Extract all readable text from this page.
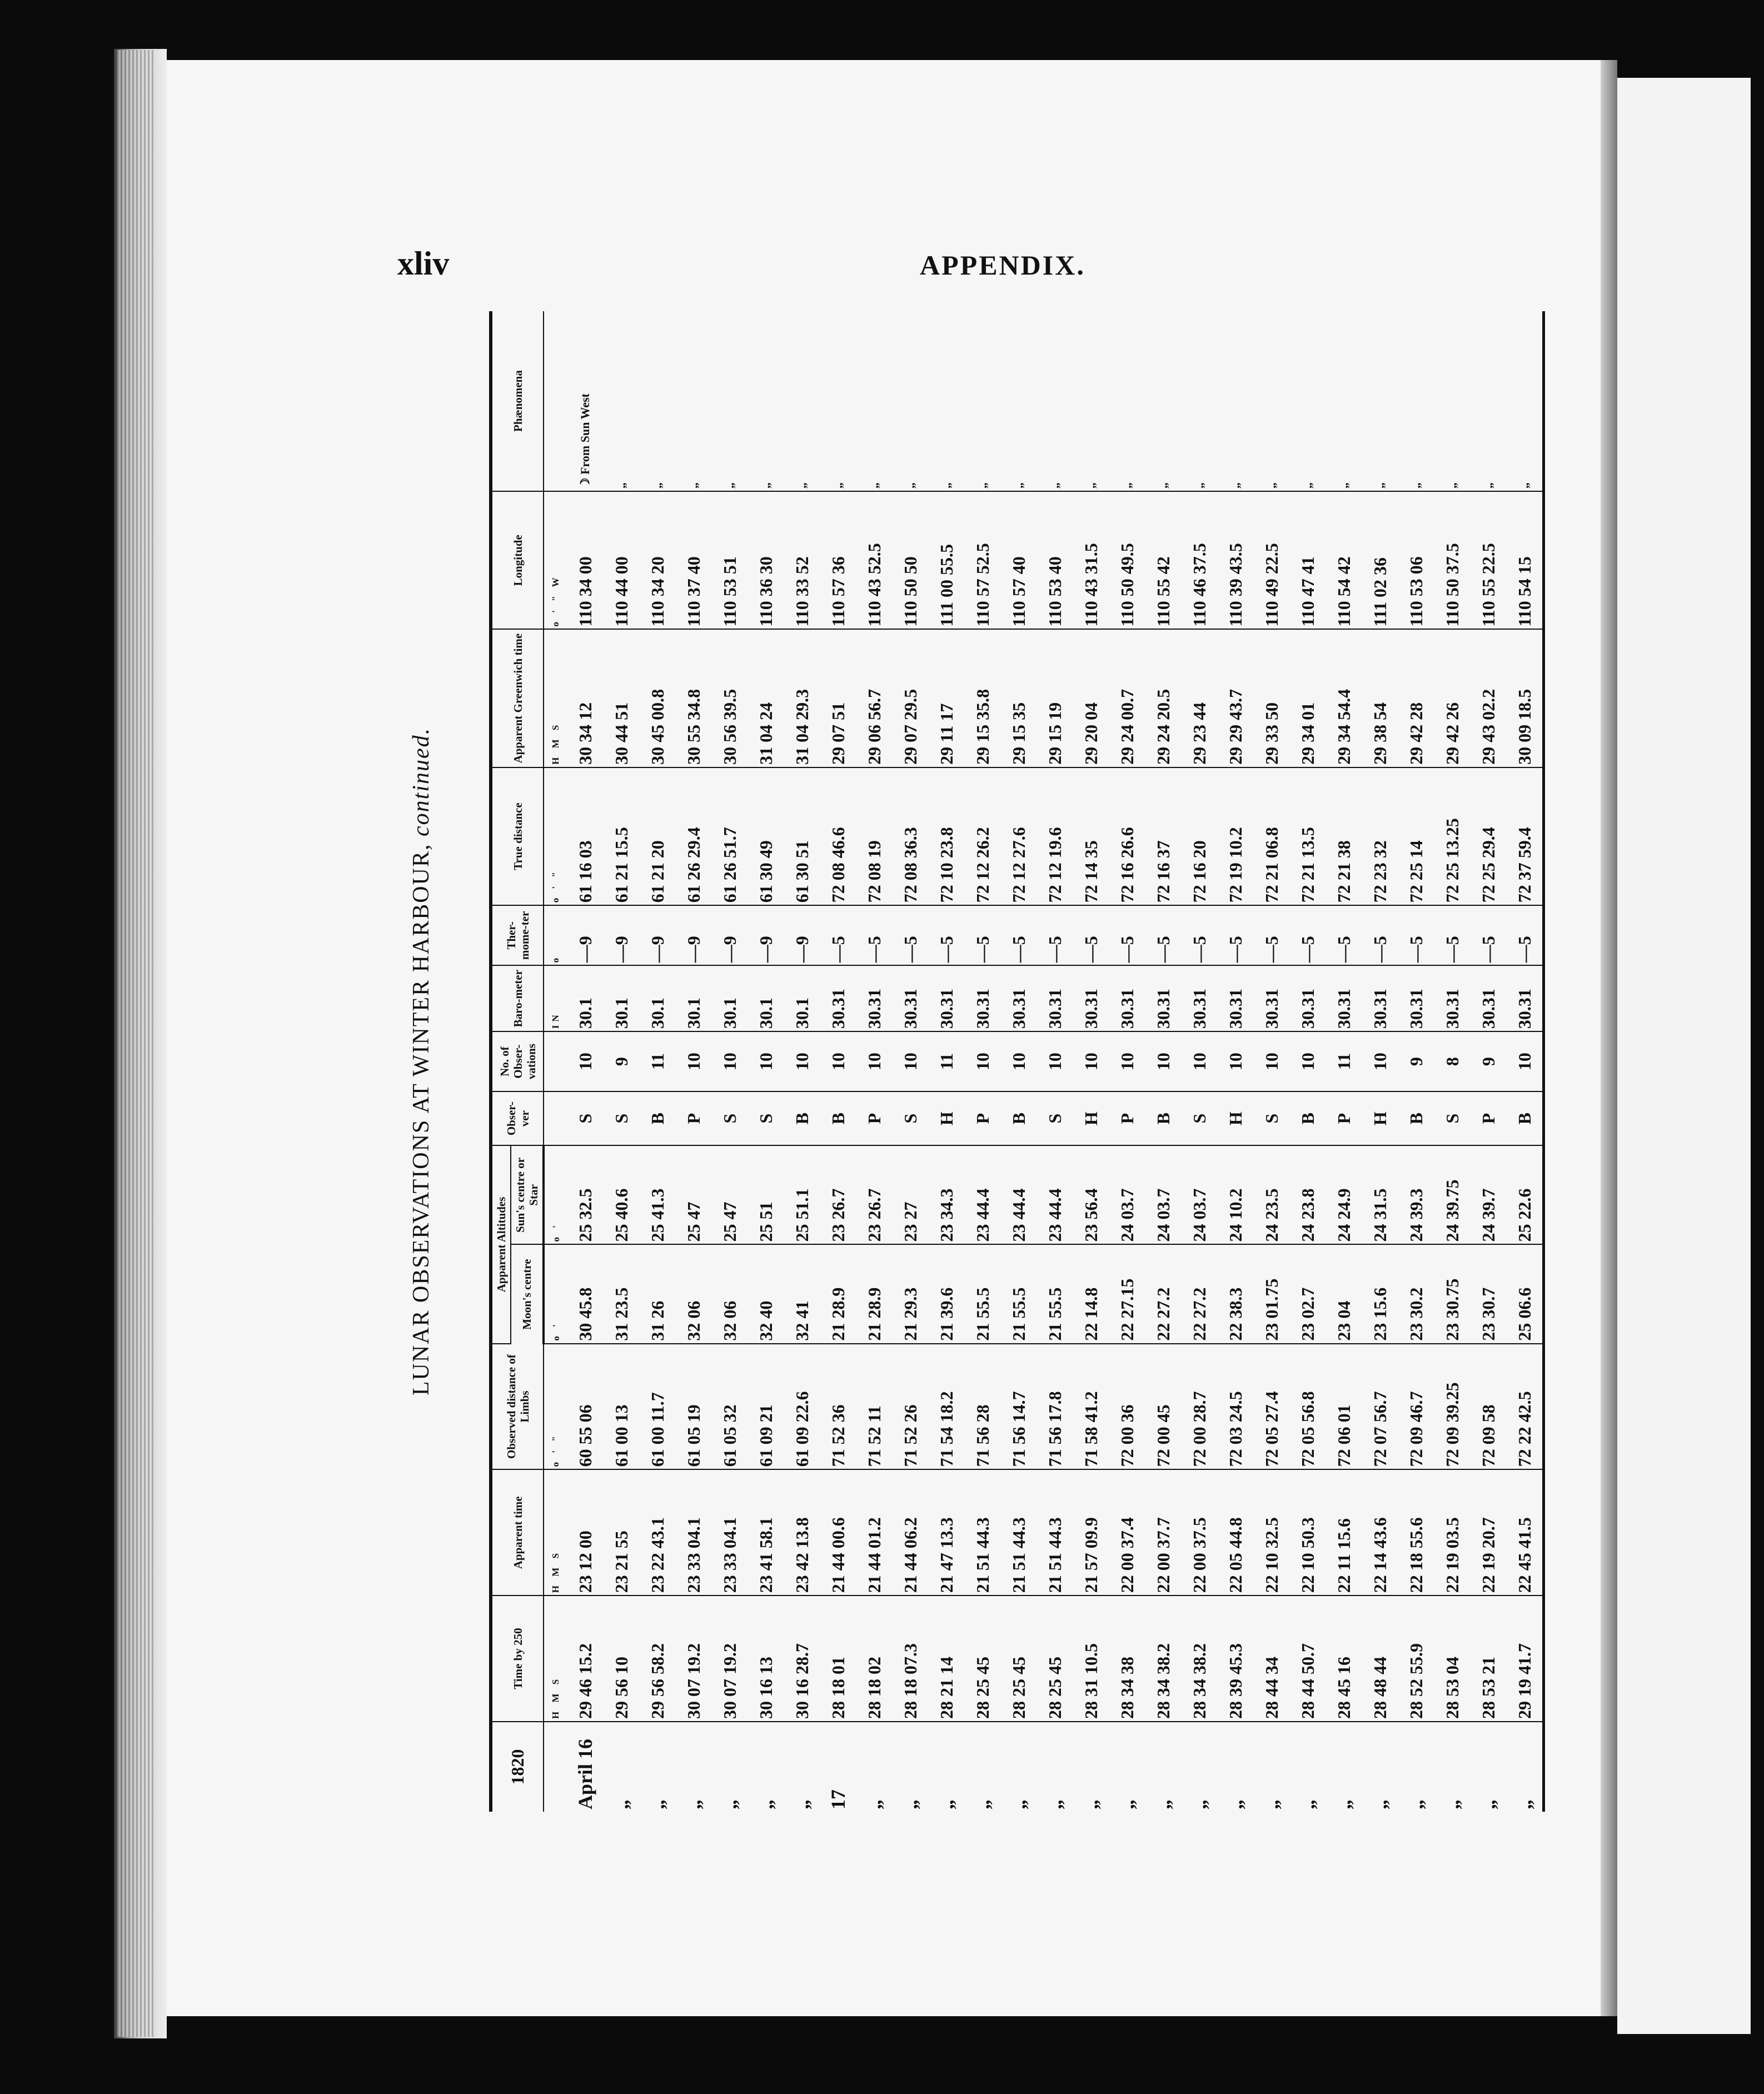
xliv	APPENDIX.
LUNAR OBSERVATIONS AT WINTER HARBOUR, continued.
1820	Time by 250	Apparent time	Observed distance of Limbs	Apparent Altitudes		Obser-ver	No. of Obser-vations	Baro-meter	Ther-mome-ter	True distance	Apparent Greenwich time	Longitude	Phænomena
				Moon's centre	Sun's centre or Star								
	H M S	H M S	o ' "	o '	o '			IN	o	o ' "	H M S	o ' " W	
April 16	29 46 15.2	23 12 00	60 55 06	30 45.8	25 32.5	S	10	30.1	—9	61 16 03	30 34 12	110 34 00	☽ From Sun West
„	29 56 10	23 21 55	61 00 13	31 23.5	25 40.6	S	9	30.1	—9	61 21 15.5	30 44 51	110 44 00	„
„	29 56 58.2	23 22 43.1	61 00 11.7	31 26	25 41.3	B	11	30.1	—9	61 21 20	30 45 00.8	110 34 20	„
„	30 07 19.2	23 33 04.1	61 05 19	32 06	25 47	P	10	30.1	—9	61 26 29.4	30 55 34.8	110 37 40	„
„	30 07 19.2	23 33 04.1	61 05 32	32 06	25 47	S	10	30.1	—9	61 26 51.7	30 56 39.5	110 53 51	„
„	30 16 13	23 41 58.1	61 09 21	32 40	25 51	S	10	30.1	—9	61 30 49	31 04 24	110 36 30	„
„	30 16 28.7	23 42 13.8	61 09 22.6	32 41	25 51.1	B	10	30.1	—9	61 30 51	31 04 29.3	110 33 52	„
17	28 18 01	21 44 00.6	71 52 36	21 28.9	23 26.7	B	10	30.31	—5	72 08 46.6	29 07 51	110 57 36	„
„	28 18 02	21 44 01.2	71 52 11	21 28.9	23 26.7	P	10	30.31	—5	72 08 19	29 06 56.7	110 43 52.5	„
„	28 18 07.3	21 44 06.2	71 52 26	21 29.3	23 27	S	10	30.31	—5	72 08 36.3	29 07 29.5	110 50 50	„
„	28 21 14	21 47 13.3	71 54 18.2	21 39.6	23 34.3	H	11	30.31	—5	72 10 23.8	29 11 17	111 00 55.5	„
„	28 25 45	21 51 44.3	71 56 28	21 55.5	23 44.4	P	10	30.31	—5	72 12 26.2	29 15 35.8	110 57 52.5	„
„	28 25 45	21 51 44.3	71 56 14.7	21 55.5	23 44.4	B	10	30.31	—5	72 12 27.6	29 15 35	110 57 40	„
„	28 25 45	21 51 44.3	71 56 17.8	21 55.5	23 44.4	S	10	30.31	—5	72 12 19.6	29 15 19	110 53 40	„
„	28 31 10.5	21 57 09.9	71 58 41.2	22 14.8	23 56.4	H	10	30.31	—5	72 14 35	29 20 04	110 43 31.5	„
„	28 34 38	22 00 37.4	72 00 36	22 27.15	24 03.7	P	10	30.31	—5	72 16 26.6	29 24 00.7	110 50 49.5	„
„	28 34 38.2	22 00 37.7	72 00 45	22 27.2	24 03.7	B	10	30.31	—5	72 16 37	29 24 20.5	110 55 42	„
„	28 34 38.2	22 00 37.5	72 00 28.7	22 27.2	24 03.7	S	10	30.31	—5	72 16 20	29 23 44	110 46 37.5	„
„	28 39 45.3	22 05 44.8	72 03 24.5	22 38.3	24 10.2	H	10	30.31	—5	72 19 10.2	29 29 43.7	110 39 43.5	„
„	28 44 34	22 10 32.5	72 05 27.4	23 01.75	24 23.5	S	10	30.31	—5	72 21 06.8	29 33 50	110 49 22.5	„
„	28 44 50.7	22 10 50.3	72 05 56.8	23 02.7	24 23.8	B	10	30.31	—5	72 21 13.5	29 34 01	110 47 41	„
„	28 45 16	22 11 15.6	72 06 01	23 04	24 24.9	P	11	30.31	—5	72 21 38	29 34 54.4	110 54 42	„
„	28 48 44	22 14 43.6	72 07 56.7	23 15.6	24 31.5	H	10	30.31	—5	72 23 32	29 38 54	111 02 36	„
„	28 52 55.9	22 18 55.6	72 09 46.7	23 30.2	24 39.3	B	9	30.31	—5	72 25 14	29 42 28	110 53 06	„
„	28 53 04	22 19 03.5	72 09 39.25	23 30.75	24 39.75	S	8	30.31	—5	72 25 13.25	29 42 26	110 50 37.5	„
„	28 53 21	22 19 20.7	72 09 58	23 30.7	24 39.7	P	9	30.31	—5	72 25 29.4	29 43 02.2	110 55 22.5	„
„	29 19 41.7	22 45 41.5	72 22 42.5	25 06.6	25 22.6	B	10	30.31	—5	72 37 59.4	30 09 18.5	110 54 15	„
